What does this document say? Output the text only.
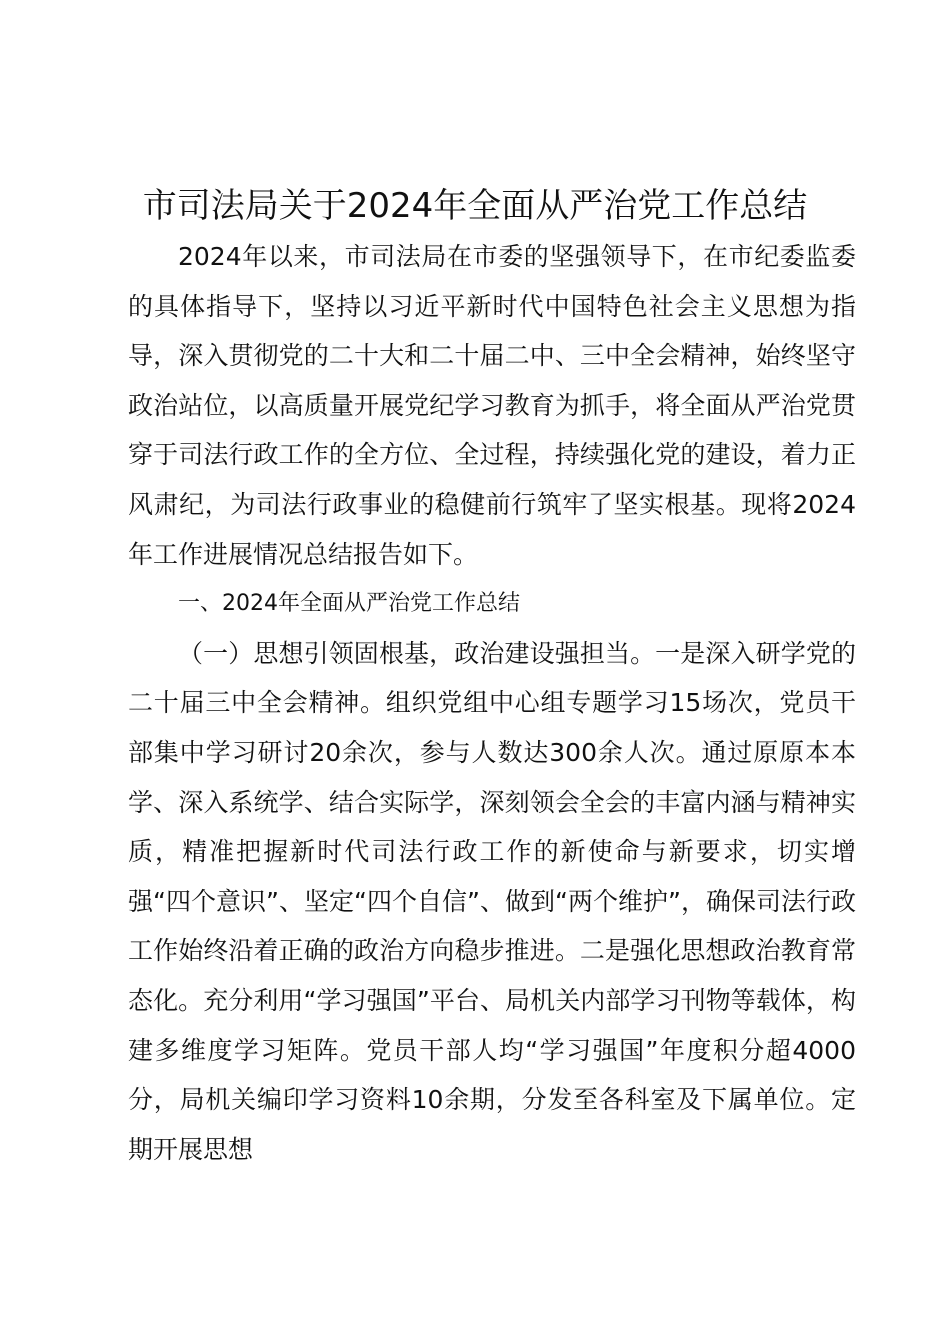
市司法局关于2024年全面从严治党工作总结

2024年以来，市司法局在市委的坚强领导下，在市纪委监委的具体指导下，坚持以习近平新时代中国特色社会主义思想为指导，深入贯彻党的二十大和二十届二中、三中全会精神，始终坚守政治站位，以高质量开展党纪学习教育为抓手，将全面从严治党贯穿于司法行政工作的全方位、全过程，持续强化党的建设，着力正风肃纪，为司法行政事业的稳健前行筑牢了坚实根基。现将2024年工作进展情况总结报告如下。

一、2024年全面从严治党工作总结

（一）思想引领固根基，政治建设强担当。一是深入研学党的二十届三中全会精神。组织党组中心组专题学习15场次，党员干部集中学习研讨20余次，参与人数达300余人次。通过原原本本学、深入系统学、结合实际学，深刻领会全会的丰富内涵与精神实质，精准把握新时代司法行政工作的新使命与新要求，切实增强“四个意识”、坚定“四个自信”、做到“两个维护”，确保司法行政工作始终沿着正确的政治方向稳步推进。二是强化思想政治教育常态化。充分利用“学习强国”平台、局机关内部学习刊物等载体，构建多维度学习矩阵。党员干部人均“学习强国”年度积分超4000分，局机关编印学习资料10余期，分发至各科室及下属单位。定期开展思想
